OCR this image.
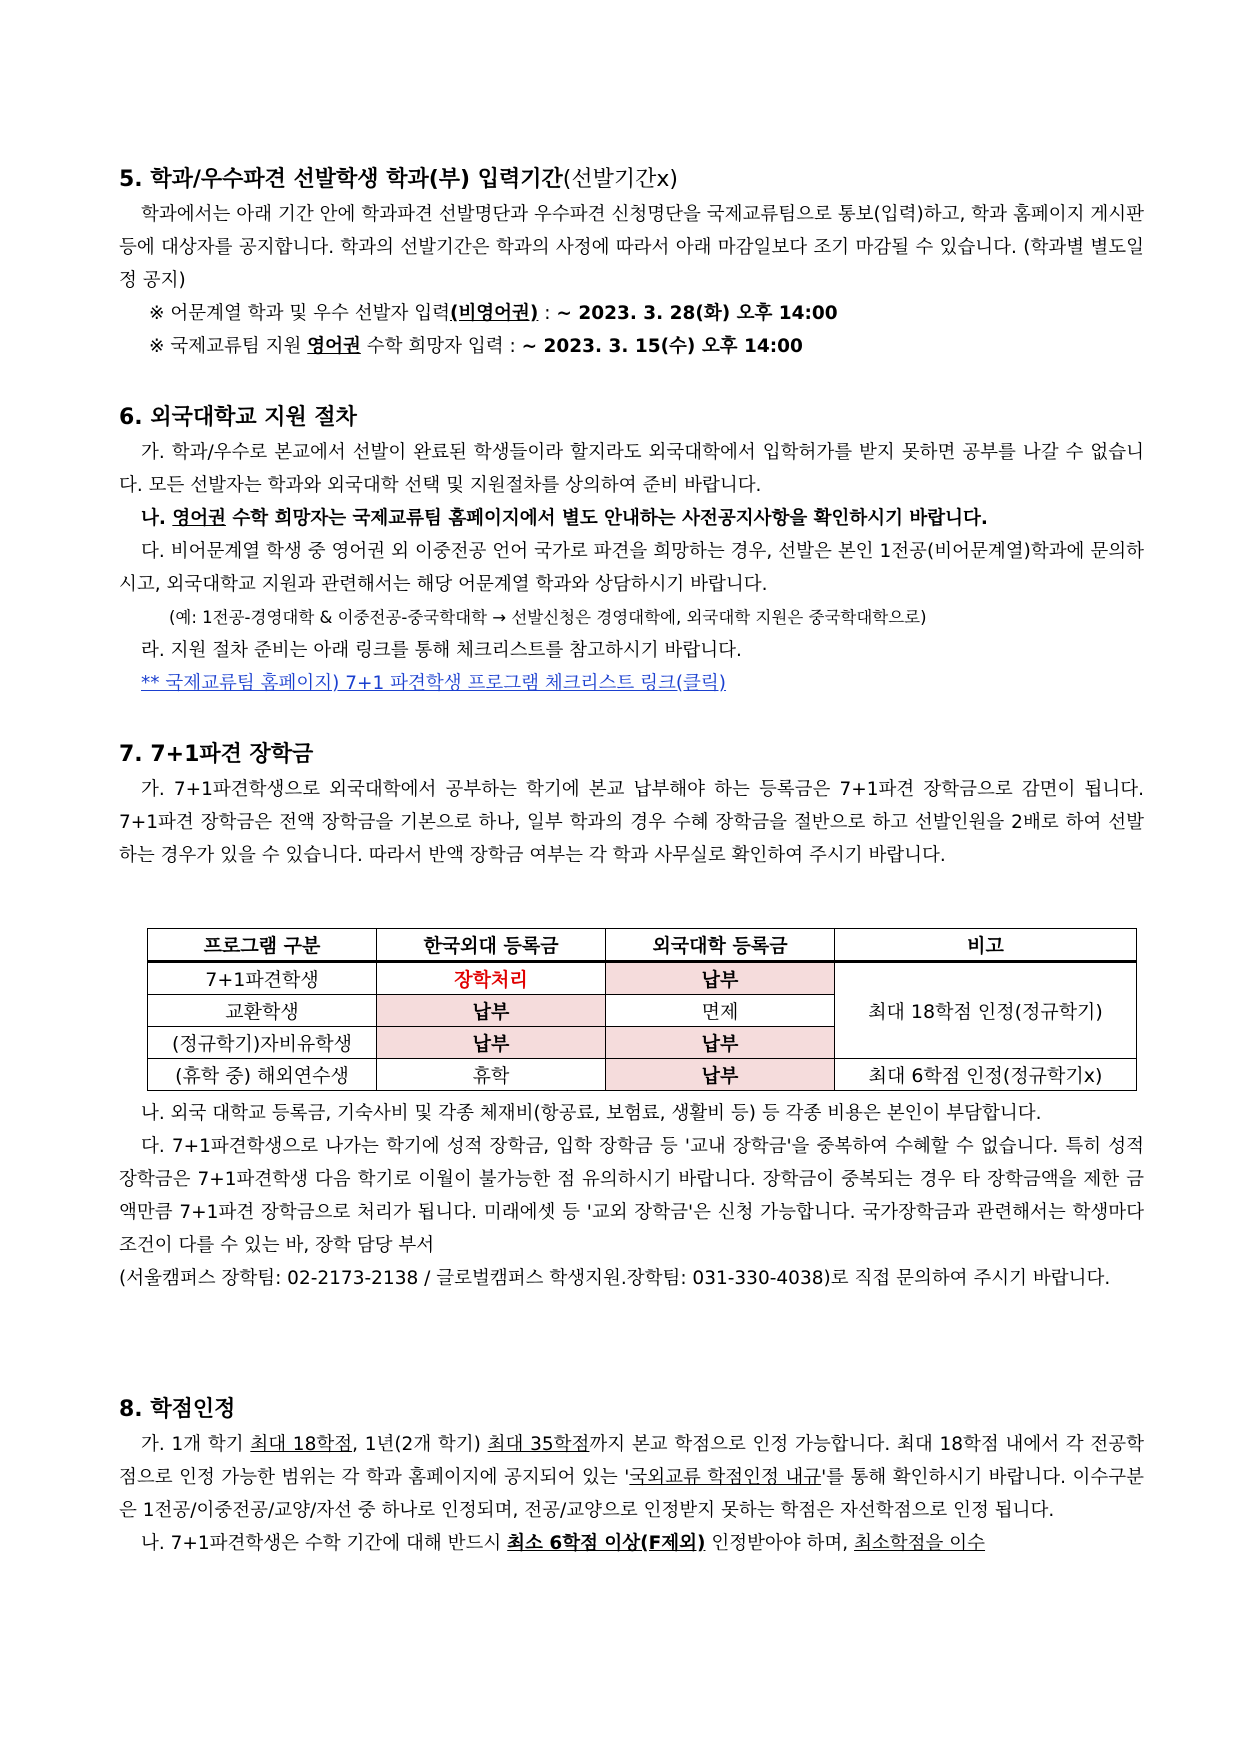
5. 학과/우수파견 선발학생 학과(부) 입력기간(선발기간x)

학과에서는 아래 기간 안에 학과파견 선발명단과 우수파견 신청명단을 국제교류팀으로 통보(입력)하고, 학과 홈페이지 게시판 등에 대상자를 공지합니다. 학과의 선발기간은 학과의 사정에 따라서 아래 마감일보다 조기 마감될 수 있습니다. (학과별 별도일정 공지)

※ 어문계열 학과 및 우수 선발자 입력(비영어권) : ~ 2023. 3. 28(화) 오후 14:00

※ 국제교류팀 지원 영어권 수학 희망자 입력 : ~ 2023. 3. 15(수) 오후 14:00

6. 외국대학교 지원 절차

가. 학과/우수로 본교에서 선발이 완료된 학생들이라 할지라도 외국대학에서 입학허가를 받지 못하면 공부를 나갈 수 없습니다. 모든 선발자는 학과와 외국대학 선택 및 지원절차를 상의하여 준비 바랍니다.

나. 영어권 수학 희망자는 국제교류팀 홈페이지에서 별도 안내하는 사전공지사항을 확인하시기 바랍니다.

다. 비어문계열 학생 중 영어권 외 이중전공 언어 국가로 파견을 희망하는 경우, 선발은 본인 1전공(비어문계열)학과에 문의하시고, 외국대학교 지원과 관련해서는 해당 어문계열 학과와 상담하시기 바랍니다.

(예: 1전공-경영대학 & 이중전공-중국학대학 → 선발신청은 경영대학에, 외국대학 지원은 중국학대학으로)

라. 지원 절차 준비는 아래 링크를 통해 체크리스트를 참고하시기 바랍니다.

** 국제교류팀 홈페이지) 7+1 파견학생 프로그램 체크리스트 링크(클릭)

7. 7+1파견 장학금

가. 7+1파견학생으로 외국대학에서 공부하는 학기에 본교 납부해야 하는 등록금은 7+1파견 장학금으로 감면이 됩니다. 7+1파견 장학금은 전액 장학금을 기본으로 하나, 일부 학과의 경우 수혜 장학금을 절반으로 하고 선발인원을 2배로 하여 선발하는 경우가 있을 수 있습니다. 따라서 반액 장학금 여부는 각 학과 사무실로 확인하여 주시기 바랍니다.

프로그램 구분	한국외대 등록금	외국대학 등록금	비고
7+1파견학생	장학처리	납부	최대 18학점 인정(정규학기)
교환학생	납부	면제	
(정규학기)자비유학생	납부	납부	
(휴학 중) 해외연수생	휴학	납부	최대 6학점 인정(정규학기x)

나. 외국 대학교 등록금, 기숙사비 및 각종 체재비(항공료, 보험료, 생활비 등) 등 각종 비용은 본인이 부담합니다.

다. 7+1파견학생으로 나가는 학기에 성적 장학금, 입학 장학금 등 '교내 장학금'을 중복하여 수혜할 수 없습니다. 특히 성적 장학금은 7+1파견학생 다음 학기로 이월이 불가능한 점 유의하시기 바랍니다. 장학금이 중복되는 경우 타 장학금액을 제한 금액만큼 7+1파견 장학금으로 처리가 됩니다. 미래에셋 등 '교외 장학금'은 신청 가능합니다. 국가장학금과 관련해서는 학생마다 조건이 다를 수 있는 바, 장학 담당 부서

(서울캠퍼스 장학팀: 02-2173-2138 / 글로벌캠퍼스 학생지원.장학팀: 031-330-4038)로 직접 문의하여 주시기 바랍니다.

8. 학점인정

가. 1개 학기 최대 18학점, 1년(2개 학기) 최대 35학점까지 본교 학점으로 인정 가능합니다. 최대 18학점 내에서 각 전공학점으로 인정 가능한 범위는 각 학과 홈페이지에 공지되어 있는 '국외교류 학점인정 내규'를 통해 확인하시기 바랍니다. 이수구분은 1전공/이중전공/교양/자선 중 하나로 인정되며, 전공/교양으로 인정받지 못하는 학점은 자선학점으로 인정 됩니다.

나. 7+1파견학생은 수학 기간에 대해 반드시 최소 6학점 이상(F제외) 인정받아야 하며, 최소학점을 이수
